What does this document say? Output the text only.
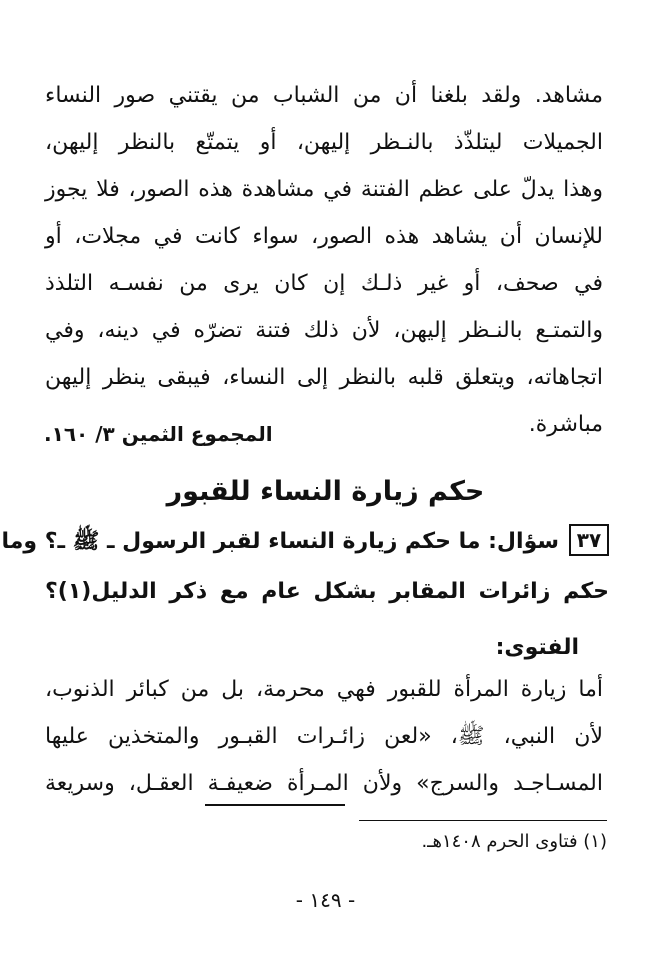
مشاهد. ولقد بلغنا أن من الشباب من يقتني صور النساء
الجميلات ليتلذّذ بالنـظر إليهن، أو يتمتّع بالنظر إليهن،
وهذا يدلّ على عظم الفتنة في مشاهدة هذه الصور، فلا يجوز
للإنسان أن يشاهد هذه الصور، سواء كانت في مجلات، أو
في صحف، أو غير ذلـك إن كان يرى من نفسـه التلذذ
والتمتـع بالنـظر إليهن، لأن ذلك فتنة تضرّه في دينه، وفي
اتجاهاته، ويتعلق قلبه بالنظر إلى النساء، فيبقى ينظر إليهن
مباشرة.
المجموع الثمين ٣/ ١٦٠.
حكم زيارة النساء للقبور
٣٧
سؤال: ما حكم زيارة النساء لقبر الرسول ـ ﷺ ـ؟ وما
حكم زائرات المقابر بشكل عام مع ذكر الدليل(١)؟
الفتوى:
أما زيارة المرأة للقبور فهي محرمة، بل من كبائر الذنوب،
لأن النبي، ﷺ، «لعن زائـرات القبـور والمتخذين عليها
المسـاجـد والسرج» ولأن المـرأة ضعيفـة العقـل، وسريعة
(١) فتاوى الحرم ١٤٠٨هـ.
- ١٤٩ -
